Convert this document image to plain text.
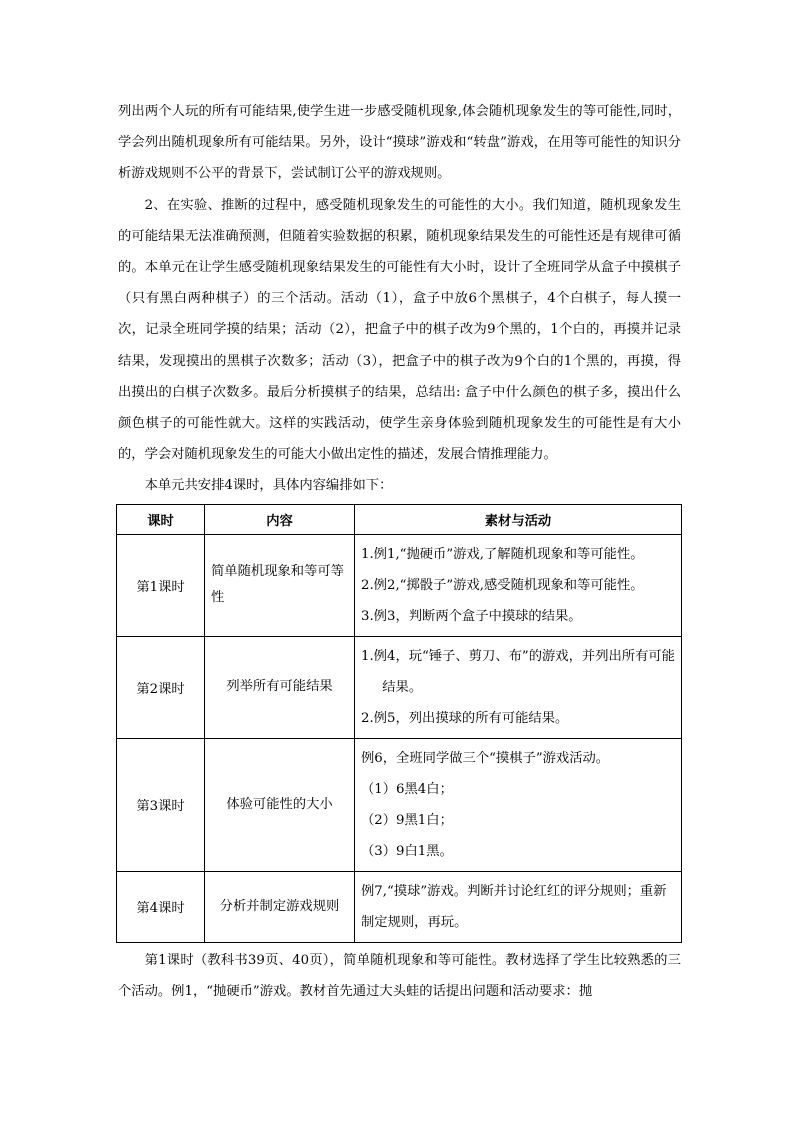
列出两个人玩的所有可能结果,使学生进一步感受随机现象,体会随机现象发生的等可能性,同时，学会列出随机现象所有可能结果。另外，设计“摸球”游戏和“转盘”游戏，在用等可能性的知识分析游戏规则不公平的背景下，尝试制订公平的游戏规则。

2、在实验、推断的过程中，感受随机现象发生的可能性的大小。我们知道，随机现象发生的可能结果无法准确预测，但随着实验数据的积累，随机现象结果发生的可能性还是有规律可循的。本单元在让学生感受随机现象结果发生的可能性有大小时，设计了全班同学从盒子中摸棋子（只有黑白两种棋子）的三个活动。活动（1），盒子中放6个黑棋子，4个白棋子，每人摸一次，记录全班同学摸的结果；活动（2），把盒子中的棋子改为9个黑的，1个白的，再摸并记录结果，发现摸出的黑棋子次数多；活动（3），把盒子中的棋子改为9个白的1个黑的，再摸，得出摸出的白棋子次数多。最后分析摸棋子的结果，总结出: 盒子中什么颜色的棋子多，摸出什么颜色棋子的可能性就大。这样的实践活动，使学生亲身体验到随机现象发生的可能性是有大小的，学会对随机现象发生的可能大小做出定性的描述，发展合情推理能力。

本单元共安排4课时，具体内容编排如下：

课时	内容	素材与活动
第1课时	简单随机现象和等可等性	1.例1,“抛硬币”游戏,了解随机现象和等可能性。
2.例2,“掷骰子”游戏,感受随机现象和等可能性。
3.例3，判断两个盒子中摸球的结果。

第2课时	列举所有可能结果	1.例4，玩“锤子、剪刀、布”的游戏，并列出所有可能结果。
2.例5，列出摸球的所有可能结果。

第3课时	体验可能性的大小	例6，全班同学做三个“摸棋子”游戏活动。
（1）6黑4白；
（2）9黑1白；
（3）9白1黑。

第4课时	分析并制定游戏规则	例7,“摸球”游戏。判断并讨论红红的评分规则；重新制定规则，再玩。

第1课时（教科书39页、40页），简单随机现象和等可能性。教材选择了学生比较熟悉的三个活动。例1，“抛硬币”游戏。教材首先通过大头蛙的话提出问题和活动要求：抛
